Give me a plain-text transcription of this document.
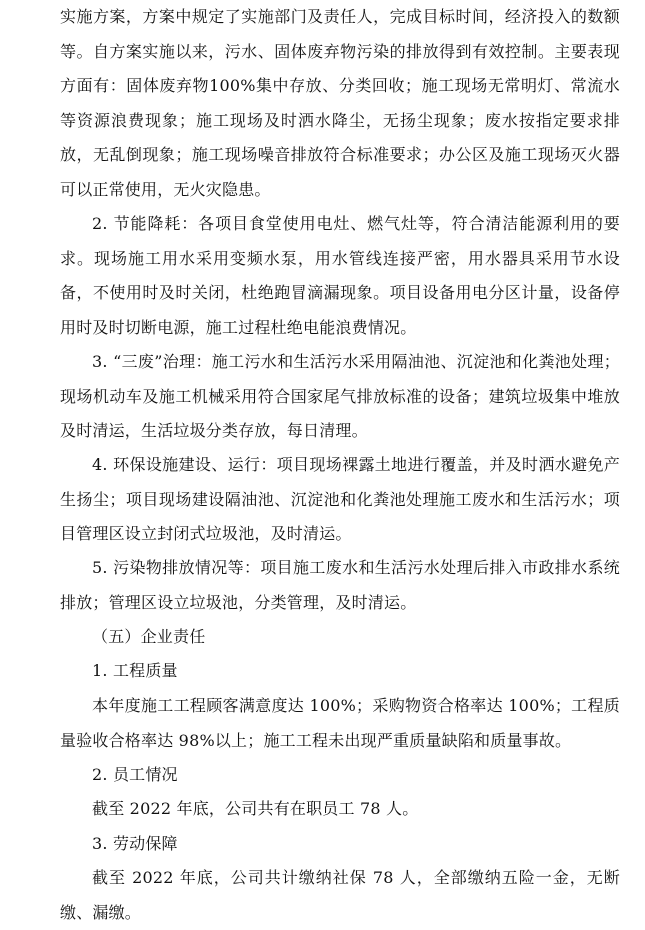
实施方案，方案中规定了实施部门及责任人，完成目标时间，经济投入的数额等。自方案实施以来，污水、固体废弃物污染的排放得到有效控制。主要表现方面有：固体废弃物100%集中存放、分类回收；施工现场无常明灯、常流水等资源浪费现象；施工现场及时洒水降尘，无扬尘现象；废水按指定要求排放，无乱倒现象；施工现场噪音排放符合标准要求；办公区及施工现场灭火器可以正常使用，无火灾隐患。

2. 节能降耗：各项目食堂使用电灶、燃气灶等，符合清洁能源利用的要求。现场施工用水采用变频水泵，用水管线连接严密，用水器具采用节水设备，不使用时及时关闭，杜绝跑冒滴漏现象。项目设备用电分区计量，设备停用时及时切断电源，施工过程杜绝电能浪费情况。

3. “三废”治理：施工污水和生活污水采用隔油池、沉淀池和化粪池处理；现场机动车及施工机械采用符合国家尾气排放标准的设备；建筑垃圾集中堆放及时清运，生活垃圾分类存放，每日清理。

4. 环保设施建设、运行：项目现场裸露土地进行覆盖，并及时洒水避免产生扬尘；项目现场建设隔油池、沉淀池和化粪池处理施工废水和生活污水；项目管理区设立封闭式垃圾池，及时清运。

5. 污染物排放情况等：项目施工废水和生活污水处理后排入市政排水系统排放；管理区设立垃圾池，分类管理，及时清运。

（五）企业责任

1. 工程质量

本年度施工工程顾客满意度达 100%；采购物资合格率达 100%；工程质量验收合格率达 98%以上；施工工程未出现严重质量缺陷和质量事故。

2. 员工情况

截至 2022 年底，公司共有在职员工 78 人。

3. 劳动保障

截至 2022 年底，公司共计缴纳社保 78 人，全部缴纳五险一金，无断缴、漏缴。
